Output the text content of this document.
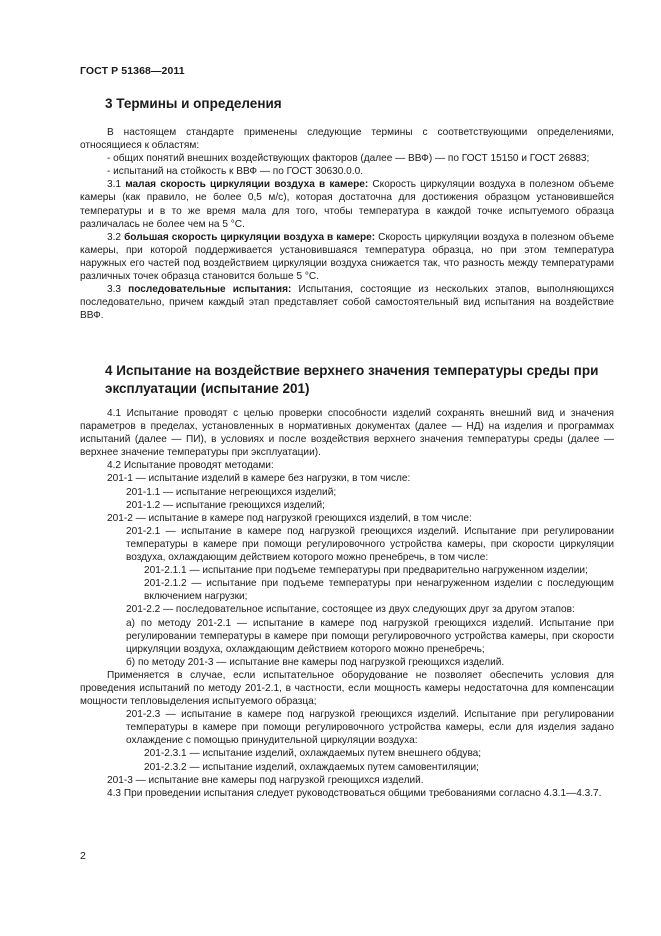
ГОСТ Р 51368—2011
3 Термины и определения

В настоящем стандарте применены следующие термины с соответствующими определениями, относящиеся к областям:

- общих понятий внешних воздействующих факторов (далее — ВВФ) — по ГОСТ 15150 и ГОСТ 26883;

- испытаний на стойкость к ВВФ — по ГОСТ 30630.0.0.

3.1 малая скорость циркуляции воздуха в камере: Скорость циркуляции воздуха в полезном объеме камеры (как правило, не более 0,5 м/с), которая достаточна для достижения образцом установившейся температуры и в то же время мала для того, чтобы температура в каждой точке испытуемого образца различалась не более чем на 5 °С.

3.2 большая скорость циркуляции воздуха в камере: Скорость циркуляции воздуха в полезном объеме камеры, при которой поддерживается установившаяся температура образца, но при этом температура наружных его частей под воздействием циркуляции воздуха снижается так, что разность между температурами различных точек образца становится больше 5 °С.

3.3 последовательные испытания: Испытания, состоящие из нескольких этапов, выполняющихся последовательно, причем каждый этап представляет собой самостоятельный вид испытания на воздействие ВВФ.

4 Испытание на воздействие верхнего значения температуры среды при эксплуатации (испытание 201)

4.1 Испытание проводят с целью проверки способности изделий сохранять внешний вид и значения параметров в пределах, установленных в нормативных документах (далее — НД) на изделия и программах испытаний (далее — ПИ), в условиях и после воздействия верхнего значения температуры среды (далее — верхнее значение температуры при эксплуатации).

4.2 Испытание проводят методами:

201-1 — испытание изделий в камере без нагрузки, в том числе:

201-1.1 — испытание негреющихся изделий;

201-1.2 — испытание греющихся изделий;

201-2 — испытание в камере под нагрузкой греющихся изделий, в том числе:

201-2.1 — испытание в камере под нагрузкой греющихся изделий. Испытание при регулировании температуры в камере при помощи регулировочного устройства камеры, при скорости циркуляции воздуха, охлаждающим действием которого можно пренебречь, в том числе:

201-2.1.1 — испытание при подъеме температуры при предварительно нагруженном изделии;

201-2.1.2 — испытание при подъеме температуры при ненагруженном изделии с последующим включением нагрузки;

201-2.2 — последовательное испытание, состоящее из двух следующих друг за другом этапов:

а) по методу 201-2.1 — испытание в камере под нагрузкой греющихся изделий. Испытание при регулировании температуры в камере при помощи регулировочного устройства камеры, при скорости циркуляции воздуха, охлаждающим действием которого можно пренебречь;

б) по методу 201-3 — испытание вне камеры под нагрузкой греющихся изделий.

Применяется в случае, если испытательное оборудование не позволяет обеспечить условия для проведения испытаний по методу 201-2.1, в частности, если мощность камеры недостаточна для компенсации мощности тепловыделения испытуемого образца;

201-2.3 — испытание в камере под нагрузкой греющихся изделий. Испытание при регулировании температуры в камере при помощи регулировочного устройства камеры, если для изделия задано охлаждение с помощью принудительной циркуляции воздуха:

201-2.3.1 — испытание изделий, охлаждаемых путем внешнего обдува;

201-2.3.2 — испытание изделий, охлаждаемых путем самовентиляции;

201-3 — испытание вне камеры под нагрузкой греющихся изделий.

4.3 При проведении испытания следует руководствоваться общими требованиями согласно 4.3.1—4.3.7.

2
